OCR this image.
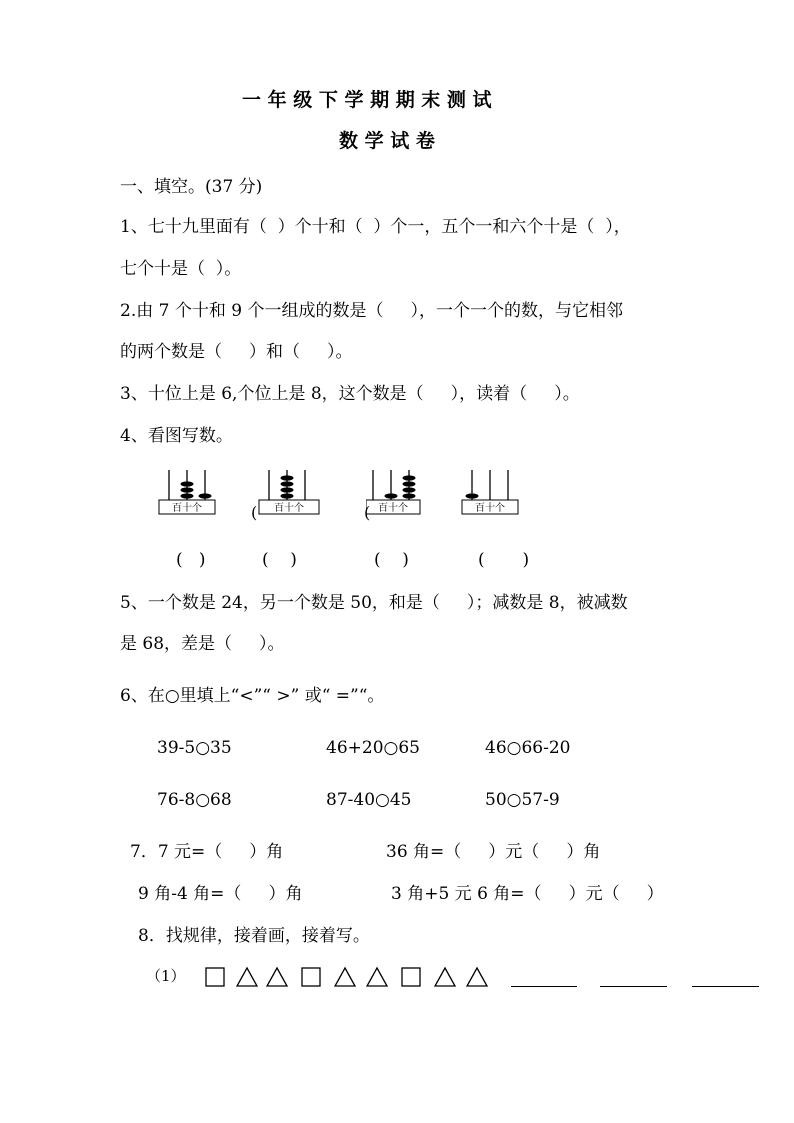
一 年 级 下 学 期 期 末 测 试
数 学 试 卷
一、填空。(37 分)
1、七十九里面有（  ）个十和（  ）个一，五个一和六个十是（  ），
七个十是（  ）。
2.由 7 个十和 9 个一组成的数是（     ），一个一个的数，与它相邻
的两个数是（     ）和（     ）。
3、十位上是 6,个位上是 8，这个数是（     ），读着（     ）。
4、看图写数。
百十个	百十个	百十个	百十个
(	(
(   )	(    )	(    )	(       )
5、一个数是 24，另一个数是 50，和是（     ）；减数是 8，被减数
是 68，差是（     ）。
6、在○里填上“<”“ >” 或“ =”“。
39-5○35	46+20○65	46○66-20
76-8○68	87-40○45	50○57-9
7．7 元=（     ）角	36 角=（     ）元（     ）角
9 角-4 角=（     ）角	3 角+5 元 6 角=（     ）元（     ）
8．找规律，接着画，接着写。
（1）
